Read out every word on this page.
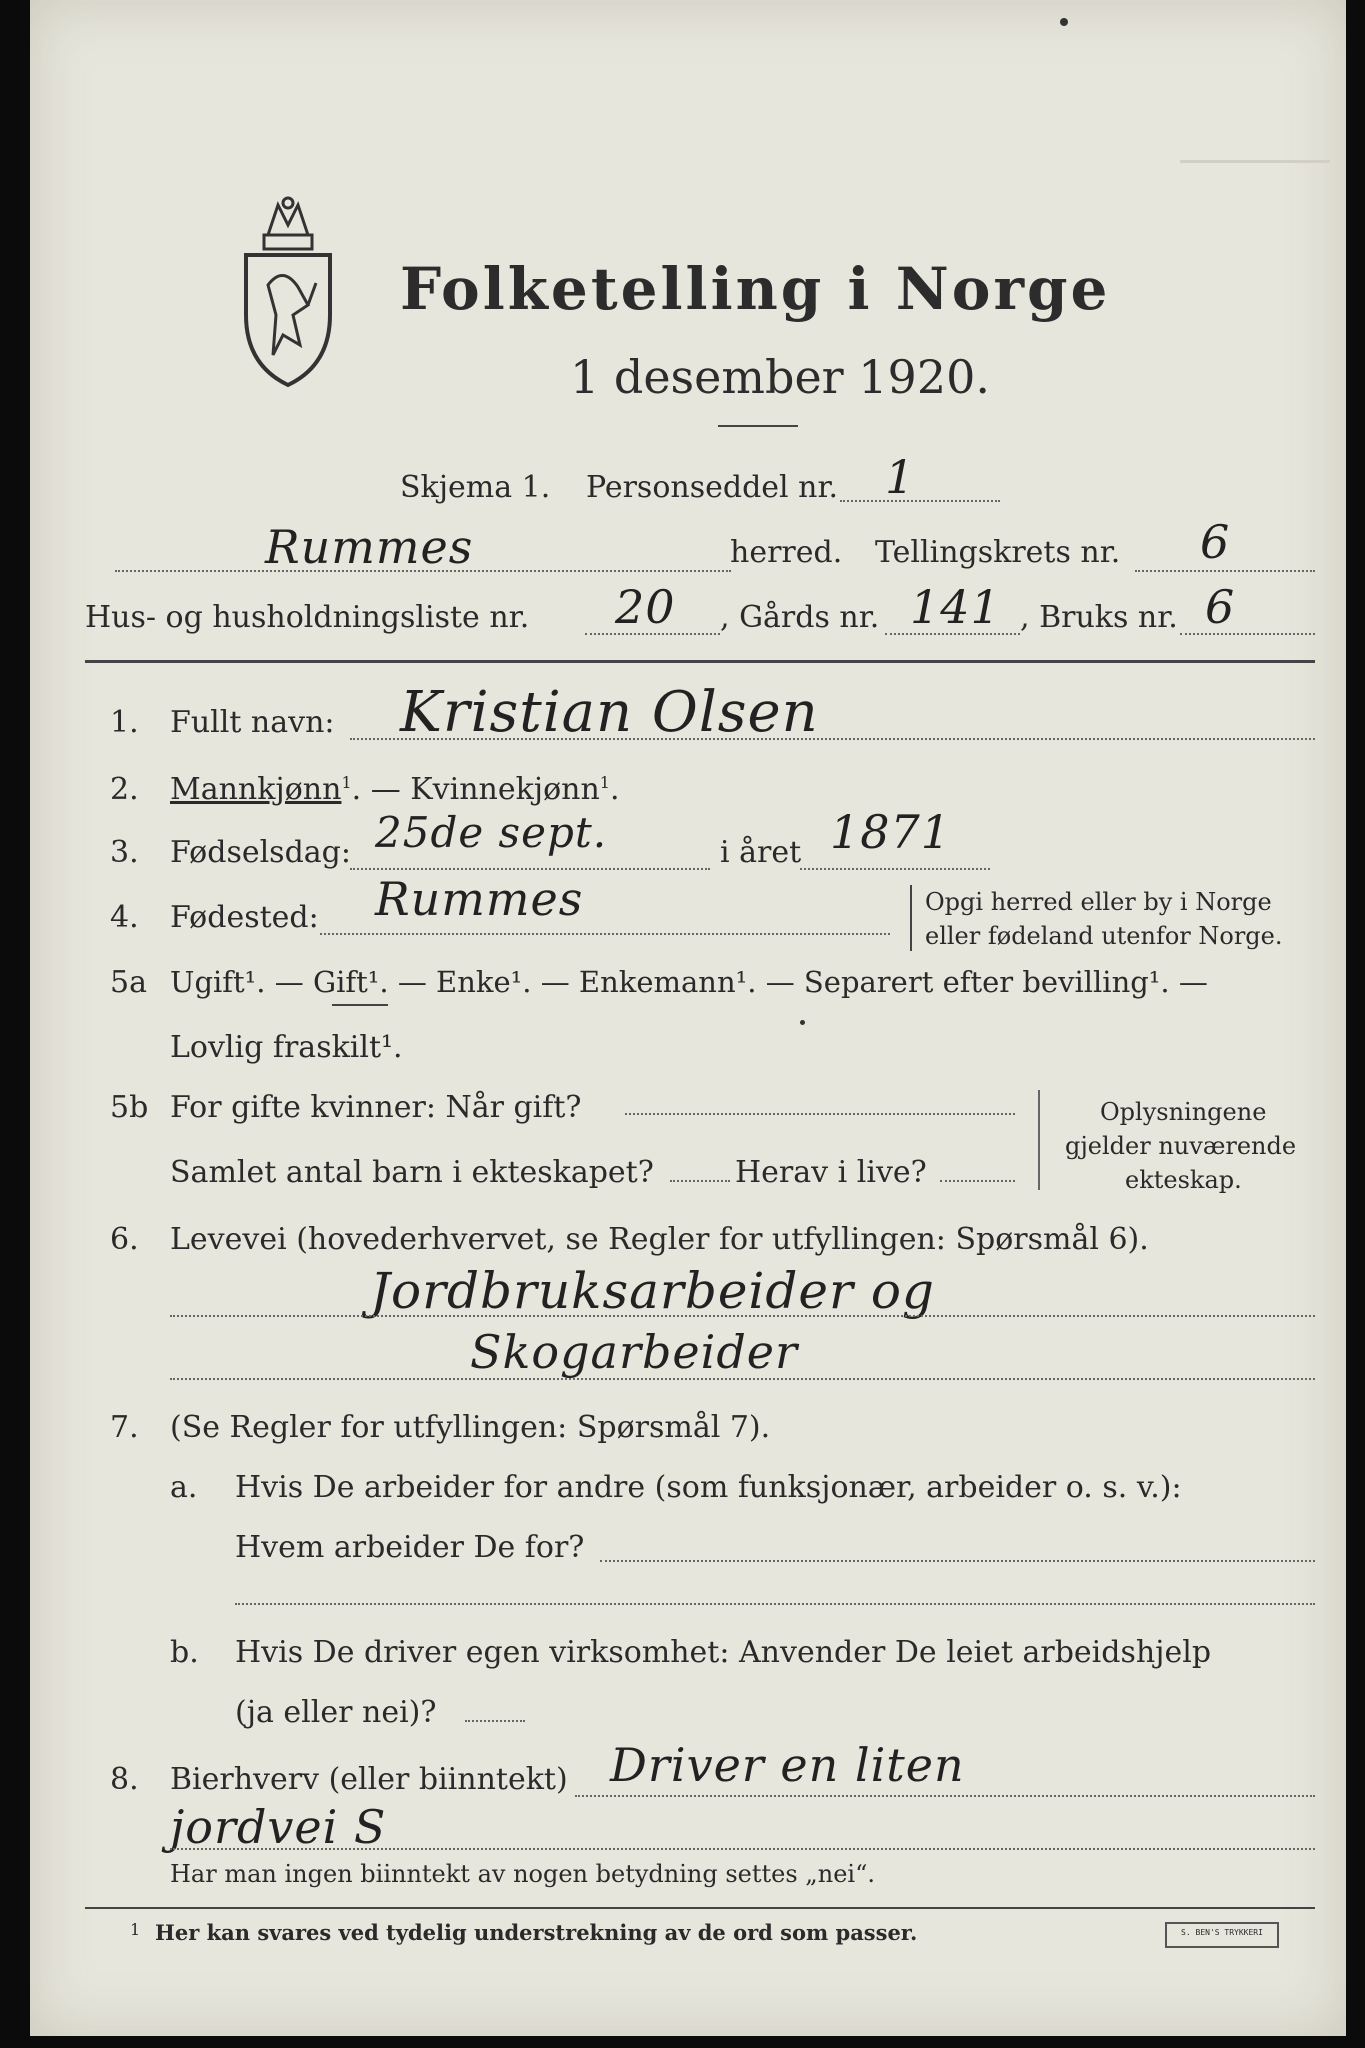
Folketelling i Norge
1 desember 1920.
Skjema 1. Personseddel nr. 1
Rummes	herred. Tellingskrets nr. 6
Hus- og husholdningsliste nr. 20 , Gårds nr. 141 , Bruks nr. 6
1. Fullt navn: Kristian Olsen
2. Mannkjønn$^1$. — Kvinnekjønn$^1$.
3. Fødselsdag: 25de sept.	i året 1871
4. Fødested: Rummes	Opgi herred eller by i Norge
eller fødeland utenfor Norge.
5a Ugift¹. — Gift¹. — Enke¹. — Enkemann¹. — Separert efter bevilling¹. —
Lovlig fraskilt¹.
5b For gifte kvinner: Når gift?
Samlet antal barn i ekteskapet?	Herav i live?
Oplysningene
gjelder nuværende
ekteskap.
6. Levevei (hovederhvervet, se Regler for utfyllingen: Spørsmål 6).
Jordbruksarbeider og
Skogarbeider
7. (Se Regler for utfyllingen: Spørsmål 7).
a. Hvis De arbeider for andre (som funksjonær, arbeider o. s. v.):
Hvem arbeider De for?
b. Hvis De driver egen virksomhet: Anvender De leiet arbeidshjelp
(ja eller nei)?
8. Bierhverv (eller biinntekt) Driver en liten
jordvei S
Har man ingen biinntekt av nogen betydning settes „nei“.
1 Her kan svares ved tydelig understrekning av de ord som passer.	S. BEN'S TRYKKERI
